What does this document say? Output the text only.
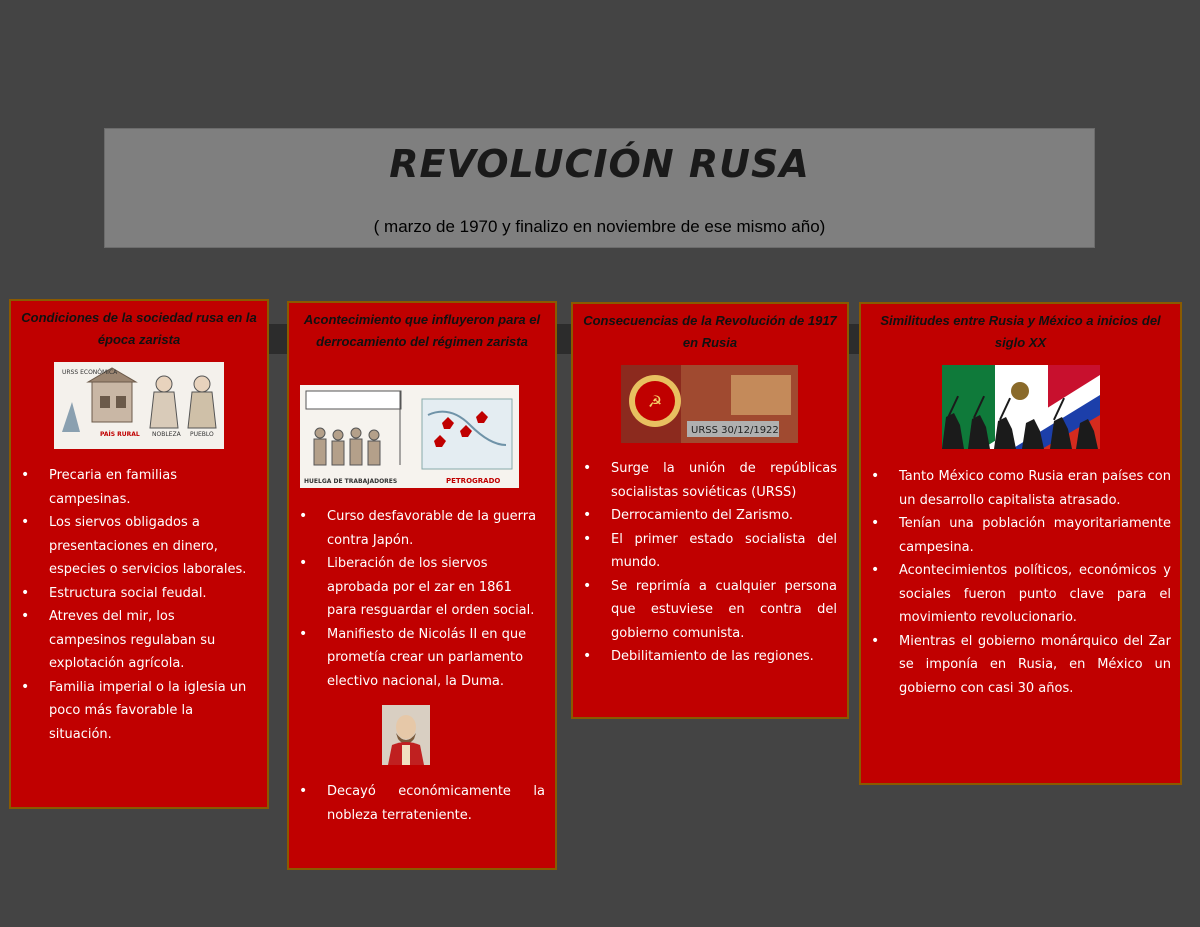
REVOLUCIÓN RUSA
( marzo de 1970 y finalizo en noviembre de ese mismo año)
Condiciones de la sociedad rusa en la época zarista
URSS ECONÓMICA
PAÍS RURAL NOBLEZA PUEBLO
• Precaria en familias campesinas.
• Los siervos obligados a presentaciones en dinero, especies o servicios laborales.
• Estructura social feudal.
• Atreves del mir, los campesinos regulaban su explotación agrícola.
• Familia imperial o la iglesia un poco más favorable la situación.
Acontecimiento que influyeron para el derrocamiento del régimen zarista
HUELGA DE TRABAJADORES	PETROGRADO
• Curso desfavorable de la guerra contra Japón.
• Liberación de los siervos aprobada por el zar en 1861 para resguardar el orden social.
• Manifiesto de Nicolás II en que prometía crear un parlamento electivo nacional, la Duma.
• Decayó económicamente la nobleza terrateniente.
Consecuencias de la Revolución de 1917 en Rusia
☭
URSS 30/12/1922
• Surge la unión de repúblicas socialistas soviéticas (URSS)
• Derrocamiento del Zarismo.
• El primer estado socialista del mundo.
• Se reprimía a cualquier persona que estuviese en contra del gobierno comunista.
• Debilitamiento de las regiones.
Similitudes entre Rusia y México a inicios del siglo XX
• Tanto México como Rusia eran países con un desarrollo capitalista atrasado.
• Tenían una población mayoritariamente campesina.
• Acontecimientos políticos, económicos y sociales fueron punto clave para el movimiento revolucionario.
• Mientras el gobierno monárquico del Zar se imponía en Rusia, en México un gobierno con casi 30 años.
